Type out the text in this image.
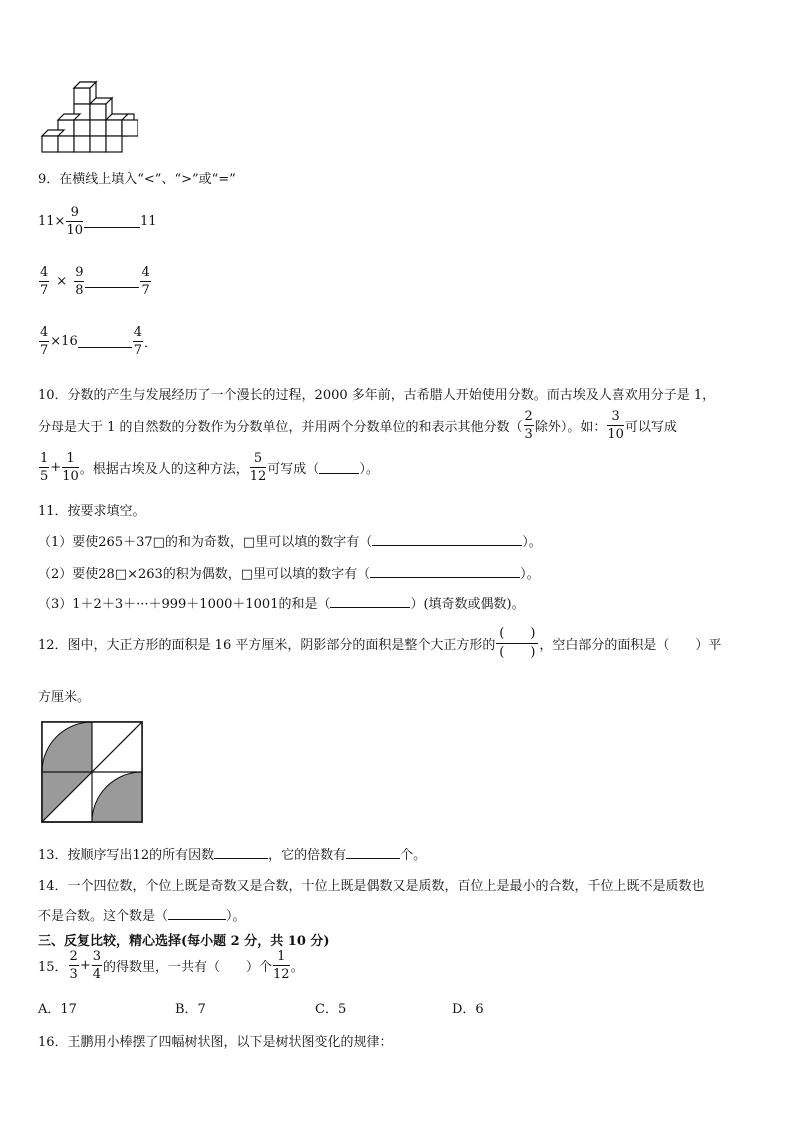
9．在横线上填入“<”、“>”或“=”
$11\times \frac{9}{10}$	11
$\frac{4}{7} \times \frac{9}{8}$	$\frac{4}{7}$
$\frac{4}{7} \times 16$	$\frac{4}{7}$ ．
10．分数的产生与发展经历了一个漫长的过程，2000 多年前，古希腊人开始使用分数。而古埃及人喜欢用分子是 1，
分母是大于 1 的自然数的分数作为分数单位，并用两个分数单位的和表示其他分数（ $\frac{2}{3}$ 除外）。如： $\frac{3}{10}$ 可以写成
$\frac{1}{5} + \frac{1}{10}$ 。根据古埃及人的这种方法， $\frac{5}{12}$ 可写成（	）。
11．按要求填空。
（1）要使265＋37□的和为奇数，□里可以填的数字有（	）。
（2）要使28□×263的积为偶数，□里可以填的数字有（	）。
（3）1＋2＋3＋···＋999＋1000＋1001的和是（	）(填奇数或偶数)。
12．图中，大正方形的面积是 16 平方厘米，阴影部分的面积是整个大正方形的 $\frac{( )}{( )}$ ，空白部分的面积是（　　）平
方厘米。
13．按顺序写出12的所有因数	，它的倍数有	个。
14．一个四位数，个位上既是奇数又是合数，十位上既是偶数又是质数，百位上是最小的合数，千位上既不是质数也
不是合数。这个数是（	）。
三、反复比较，精心选择(每小题 2 分，共 10 分)
15． $\frac{2}{3} + \frac{3}{4}$ 的得数里，一共有（　　）个 $\frac{1}{12}$ 。
A．17	B．7	C．5	D．6
16．王鹏用小棒摆了四幅树状图，以下是树状图变化的规律：
